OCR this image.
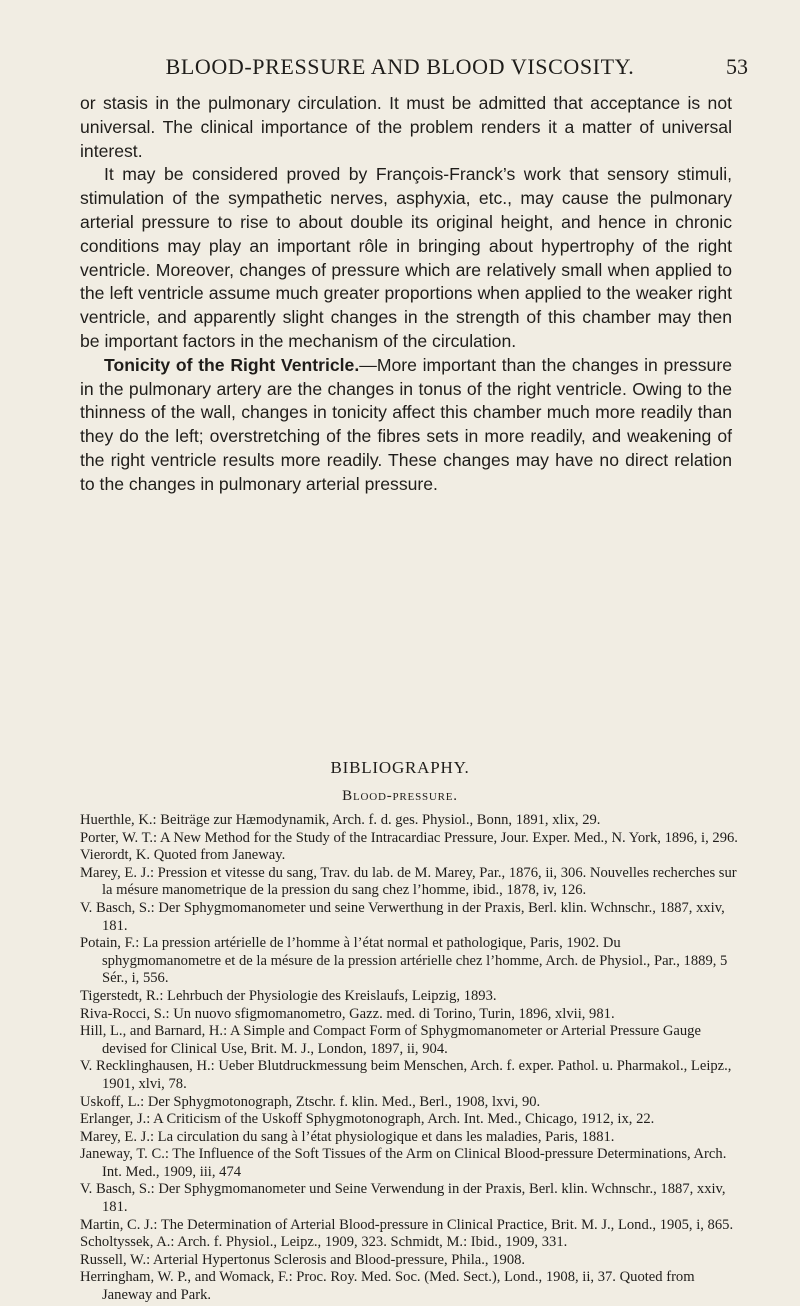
BLOOD-PRESSURE AND BLOOD VISCOSITY.	53

or stasis in the pulmonary circulation. It must be admitted that acceptance is not universal. The clinical importance of the problem renders it a matter of universal interest.

It may be considered proved by François-Franck’s work that sensory stimuli, stimulation of the sympathetic nerves, asphyxia, etc., may cause the pulmonary arterial pressure to rise to about double its original height, and hence in chronic conditions may play an important rôle in bringing about hypertrophy of the right ventricle. Moreover, changes of pressure which are relatively small when applied to the left ventricle assume much greater proportions when applied to the weaker right ventricle, and apparently slight changes in the strength of this chamber may then be important factors in the mechanism of the circulation.

Tonicity of the Right Ventricle.—More important than the changes in pressure in the pulmonary artery are the changes in tonus of the right ventricle. Owing to the thinness of the wall, changes in tonicity affect this chamber much more readily than they do the left; overstretching of the fibres sets in more readily, and weakening of the right ventricle results more readily. These changes may have no direct relation to the changes in pulmonary arterial pressure.

BIBLIOGRAPHY.
Blood-pressure.
Huerthle, K.: Beiträge zur Hæmodynamik, Arch. f. d. ges. Physiol., Bonn, 1891, xlix, 29.
Porter, W. T.: A New Method for the Study of the Intracardiac Pressure, Jour. Exper. Med., N. York, 1896, i, 296.
Vierordt, K. Quoted from Janeway.
Marey, E. J.: Pression et vitesse du sang, Trav. du lab. de M. Marey, Par., 1876, ii, 306. Nouvelles recherches sur la mésure manometrique de la pression du sang chez l’homme, ibid., 1878, iv, 126.
V. Basch, S.: Der Sphygmomanometer und seine Verwerthung in der Praxis, Berl. klin. Wchnschr., 1887, xxiv, 181.
Potain, F.: La pression artérielle de l’homme à l’état normal et pathologique, Paris, 1902. Du sphygmomanometre et de la mésure de la pression artérielle chez l’homme, Arch. de Physiol., Par., 1889, 5 Sér., i, 556.
Tigerstedt, R.: Lehrbuch der Physiologie des Kreislaufs, Leipzig, 1893.
Riva-Rocci, S.: Un nuovo sfigmomanometro, Gazz. med. di Torino, Turin, 1896, xlvii, 981.
Hill, L., and Barnard, H.: A Simple and Compact Form of Sphygmomanometer or Arterial Pressure Gauge devised for Clinical Use, Brit. M. J., London, 1897, ii, 904.
V. Recklinghausen, H.: Ueber Blutdruckmessung beim Menschen, Arch. f. exper. Pathol. u. Pharmakol., Leipz., 1901, xlvi, 78.
Uskoff, L.: Der Sphygmotonograph, Ztschr. f. klin. Med., Berl., 1908, lxvi, 90.
Erlanger, J.: A Criticism of the Uskoff Sphygmotonograph, Arch. Int. Med., Chicago, 1912, ix, 22.
Marey, E. J.: La circulation du sang à l’état physiologique et dans les maladies, Paris, 1881.
Janeway, T. C.: The Influence of the Soft Tissues of the Arm on Clinical Blood-pressure Determinations, Arch. Int. Med., 1909, iii, 474
V. Basch, S.: Der Sphygmomanometer und Seine Verwendung in der Praxis, Berl. klin. Wchnschr., 1887, xxiv, 181.
Martin, C. J.: The Determination of Arterial Blood-pressure in Clinical Practice, Brit. M. J., Lond., 1905, i, 865.
Scholtyssek, A.: Arch. f. Physiol., Leipz., 1909, 323. Schmidt, M.: Ibid., 1909, 331.
Russell, W.: Arterial Hypertonus Sclerosis and Blood-pressure, Phila., 1908.
Herringham, W. P., and Womack, F.: Proc. Roy. Med. Soc. (Med. Sect.), Lond., 1908, ii, 37. Quoted from Janeway and Park.
